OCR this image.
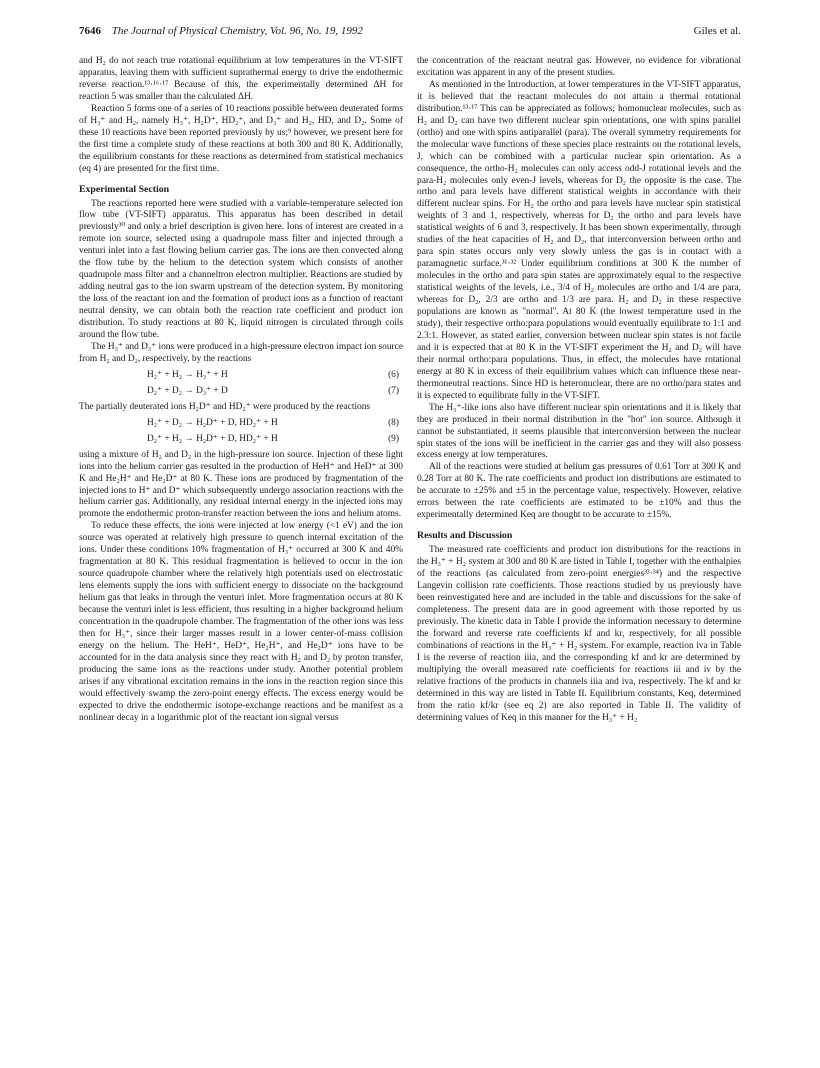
7646 The Journal of Physical Chemistry, Vol. 96, No. 19, 1992	Giles et al.

and H₂ do not reach true rotational equilibrium at low temperatures in the VT-SIFT apparatus, leaving them with sufficient suprathermal energy to drive the endothermic reverse reaction.¹³·¹⁶·¹⁷ Because of this, the experimentally determined ΔH for reaction 5 was smaller than the calculated ΔH.

Reaction 5 forms one of a series of 10 reactions possible between deuterated forms of H₃⁺ and H₂, namely H₃⁺, H₂D⁺, HD₂⁺, and D₃⁺ and H₂, HD, and D₂. Some of these 10 reactions have been reported previously by us;⁹ however, we present here for the first time a complete study of these reactions at both 300 and 80 K. Additionally, the equilibrium constants for these reactions as determined from statistical mechanics (eq 4) are presented for the first time.

Experimental Section

The reactions reported here were studied with a variable-temperature selected ion flow tube (VT-SIFT) apparatus. This apparatus has been described in detail previously³⁰ and only a brief description is given here. Ions of interest are created in a remote ion source, selected using a quadrupole mass filter and injected through a venturi inlet into a fast flowing helium carrier gas. The ions are then convected along the flow tube by the helium to the detection system which consists of another quadrupole mass filter and a channeltron electron multiplier. Reactions are studied by adding neutral gas to the ion swarm upstream of the detection system. By monitoring the loss of the reactant ion and the formation of product ions as a function of reactant neutral density, we can obtain both the reaction rate coefficient and product ion distribution. To study reactions at 80 K, liquid nitrogen is circulated through coils around the flow tube.

The H₃⁺ and D₃⁺ ions were produced in a high-pressure electron impact ion source from H₂ and D₂, respectively, by the reactions

H₂⁺ + H₂ → H₃⁺ + H	(6)
D₂⁺ + D₂ → D₃⁺ + D	(7)

The partially deuterated ions H₂D⁺ and HD₂⁺ were produced by the reactions

H₂⁺ + D₂ → H₂D⁺ + D, HD₂⁺ + H	(8)
D₂⁺ + H₂ → H₂D⁺ + D, HD₂⁺ + H	(9)

using a mixture of H₂ and D₂ in the high-pressure ion source. Injection of these light ions into the helium carrier gas resulted in the production of HeH⁺ and HeD⁺ at 300 K and He₂H⁺ and He₂D⁺ at 80 K. These ions are produced by fragmentation of the injected ions to H⁺ and D⁺ which subsequently undergo association reactions with the helium carrier gas. Additionally, any residual internal energy in the injected ions may promote the endothermic proton-transfer reaction between the ions and helium atoms.

To reduce these effects, the ions were injected at low energy (<1 eV) and the ion source was operated at relatively high pressure to quench internal excitation of the ions. Under these conditions 10% fragmentation of H₃⁺ occurred at 300 K and 40% fragmentation at 80 K. This residual fragmentation is believed to occur in the ion source quadrupole chamber where the relatively high potentials used on electrostatic lens elements supply the ions with sufficient energy to dissociate on the background helium gas that leaks in through the venturi inlet. More fragmentation occurs at 80 K because the venturi inlet is less efficient, thus resulting in a higher background helium concentration in the quadrupole chamber. The fragmentation of the other ions was less then for H₃⁺, since their larger masses result in a lower center-of-mass collision energy on the helium. The HeH⁺, HeD⁺, He₂H⁺, and He₂D⁺ ions have to be accounted for in the data analysis since they react with H₂ and D₂ by proton transfer, producing the same ions as the reactions under study. Another potential problem arises if any vibrational excitation remains in the ions in the reaction region since this would effectively swamp the zero-point energy effects. The excess energy would be expected to drive the endothermic isotope-exchange reactions and be manifest as a nonlinear decay in a logarithmic plot of the reactant ion signal versus

the concentration of the reactant neutral gas. However, no evidence for vibrational excitation was apparent in any of the present studies.

As mentioned in the Introduction, at lower temperatures in the VT-SIFT apparatus, it is believed that the reactant molecules do not attain a thermal rotational distribution.¹³·¹⁷ This can be appreciated as follows; homonuclear molecules, such as H₂ and D₂ can have two different nuclear spin orientations, one with spins parallel (ortho) and one with spins antiparallel (para). The overall symmetry requirements for the molecular wave functions of these species place restraints on the rotational levels, J, which can be combined with a particular nuclear spin orientation. As a consequence, the ortho-H₂ molecules can only access odd-J rotational levels and the para-H₂ molecules only even-J levels, whereas for D₂ the opposite is the case. The ortho and para levels have different statistical weights in accordance with their different nuclear spins. For H₂ the ortho and para levels have nuclear spin statistical weights of 3 and 1, respectively, whereas for D₂ the ortho and para levels have statistical weights of 6 and 3, respectively. It has been shown experimentally, through studies of the heat capacities of H₂ and D₂, that interconversion between ortho and para spin states occurs only very slowly unless the gas is in contact with a paramagnetic surface.³¹·³² Under equilibrium conditions at 300 K the number of molecules in the ortho and para spin states are approximately equal to the respective statistical weights of the levels, i.e., 3/4 of H₂ molecules are ortho and 1/4 are para, whereas for D₂, 2/3 are ortho and 1/3 are para. H₂ and D₂ in these respective populations are known as "normal". At 80 K (the lowest temperature used in the study), their respective ortho:para populations would eventually equilibrate to 1:1 and 2.3:1. However, as stated earlier, conversion between nuclear spin states is not facile and it is expected that at 80 K in the VT-SIFT experiment the H₂ and D₂ will have their normal ortho:para populations. Thus, in effect, the molecules have rotational energy at 80 K in excess of their equilibrium values which can influence these near-thermoneutral reactions. Since HD is heteronuclear, there are no ortho/para states and it is expected to equilibrate fully in the VT-SIFT.

The H₃⁺-like ions also have different nuclear spin orientations and it is likely that they are produced in their normal distribution in the "hot" ion source. Although it cannot be substantiated, it seems plausible that interconversion between the nuclear spin states of the ions will be inefficient in the carrier gas and they will also possess excess energy at low temperatures.

All of the reactions were studied at helium gas pressures of 0.61 Torr at 300 K and 0.28 Torr at 80 K. The rate coefficients and product ion distributions are estimated to be accurate to ±25% and ±5 in the percentage value, respectively. However, relative errors between the rate coefficients are estimated to be ±10% and thus the experimentally determined Keq are thought to be accurate to ±15%.

Results and Discussion

The measured rate coefficients and product ion distributions for the reactions in the H₃⁺ + H₂ system at 300 and 80 K are listed in Table I, together with the enthalpies of the reactions (as calculated from zero-point energies³³·³⁴) and the respective Langevin collision rate coefficients. Those reactions studied by us previously have been reinvestigated here and are included in the table and discussions for the sake of completeness. The present data are in good agreement with those reported by us previously. The kinetic data in Table I provide the information necessary to determine the forward and reverse rate coefficients kf and kr, respectively, for all possible combinations of reactions in the H₃⁺ + H₂ system. For example, reaction iva in Table I is the reverse of reaction iiia, and the corresponding kf and kr are determined by multiplying the overall measured rate coefficients for reactions iii and iv by the relative fractions of the products in channels iiia and iva, respectively. The kf and kr determined in this way are listed in Table II. Equilibrium constants, Keq, determined from the ratio kf/kr (see eq 2) are also reported in Table II. The validity of determining values of Keq in this manner for the H₃⁺ + H₂
